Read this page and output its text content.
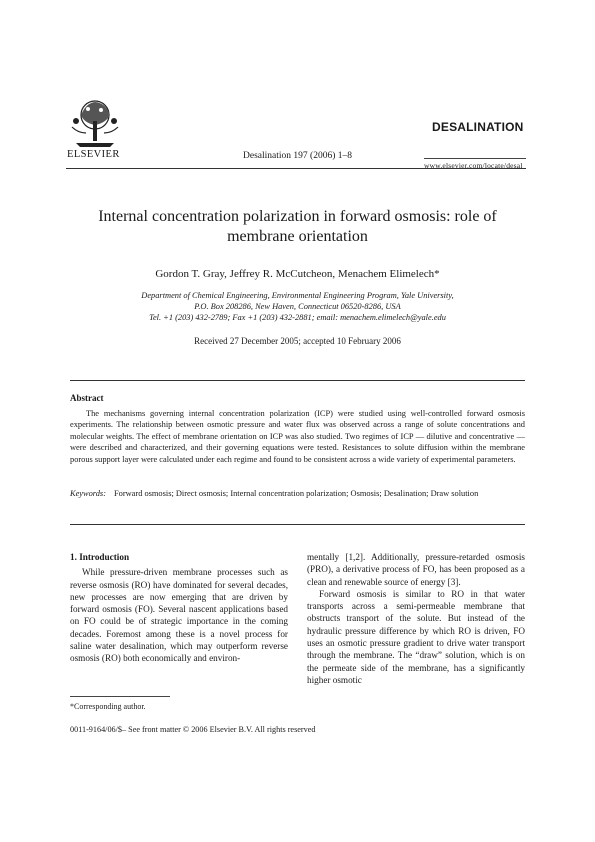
ELSEVIER	Desalination 197 (2006) 1–8
DESALINATION
www.elsevier.com/locate/desal
Internal concentration polarization in forward osmosis: role of membrane orientation
Gordon T. Gray, Jeffrey R. McCutcheon, Menachem Elimelech*
Department of Chemical Engineering, Environmental Engineering Program, Yale University,
P.O. Box 208286, New Haven, Connecticut 06520-8286, USA
Tel. +1 (203) 432-2789; Fax +1 (203) 432-2881; email: menachem.elimelech@yale.edu
Received 27 December 2005; accepted 10 February 2006
Abstract
The mechanisms governing internal concentration polarization (ICP) were studied using well-controlled forward osmosis experiments. The relationship between osmotic pressure and water flux was observed across a range of solute concentrations and molecular weights. The effect of membrane orientation on ICP was also studied. Two regimes of ICP — dilutive and concentrative — were described and characterized, and their governing equations were tested. Resistances to solute diffusion within the membrane porous support layer were calculated under each regime and found to be consistent across a wide variety of experimental parameters.
Keywords: Forward osmosis; Direct osmosis; Internal concentration polarization; Osmosis; Desalination; Draw solution
1. Introduction

While pressure-driven membrane processes such as reverse osmosis (RO) have dominated for several decades, new processes are now emerging that are driven by forward osmosis (FO). Several nascent applications based on FO could be of strategic importance in the coming decades. Foremost among these is a novel process for saline water desalination, which may outperform reverse osmosis (RO) both economically and environ-

mentally [1,2]. Additionally, pressure-retarded osmosis (PRO), a derivative process of FO, has been proposed as a clean and renewable source of energy [3].

Forward osmosis is similar to RO in that water transports across a semi-permeable membrane that obstructs transport of the solute. But instead of the hydraulic pressure difference by which RO is driven, FO uses an osmotic pressure gradient to drive water transport through the membrane. The “draw” solution, which is on the permeate side of the membrane, has a significantly higher osmotic

*Corresponding author.
0011-9164/06/$– See front matter © 2006 Elsevier B.V. All rights reserved
